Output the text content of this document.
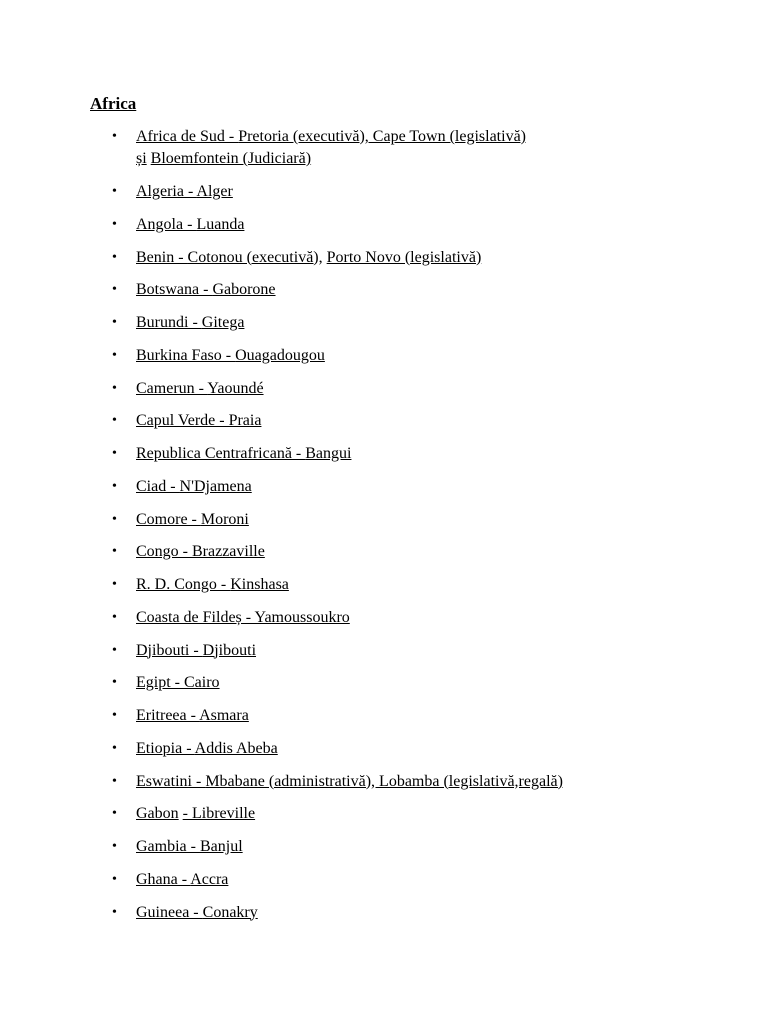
Africa
• Africa de Sud - Pretoria (executivă), Cape Town (legislativă)
și Bloemfontein (Judiciară)
• Algeria - Alger
• Angola - Luanda
• Benin - Cotonou (executivă), Porto Novo (legislativă)
• Botswana - Gaborone
• Burundi - Gitega
• Burkina Faso - Ouagadougou
• Camerun - Yaoundé
• Capul Verde - Praia
• Republica Centrafricană - Bangui
• Ciad - N'Djamena
• Comore - Moroni
• Congo - Brazzaville
• R. D. Congo - Kinshasa
• Coasta de Fildeș - Yamoussoukro
• Djibouti - Djibouti
• Egipt - Cairo
• Eritreea - Asmara
• Etiopia - Addis Abeba
• Eswatini - Mbabane (administrativă), Lobamba (legislativă,regală)
• Gabon - Libreville
• Gambia - Banjul
• Ghana - Accra
• Guineea - Conakry
